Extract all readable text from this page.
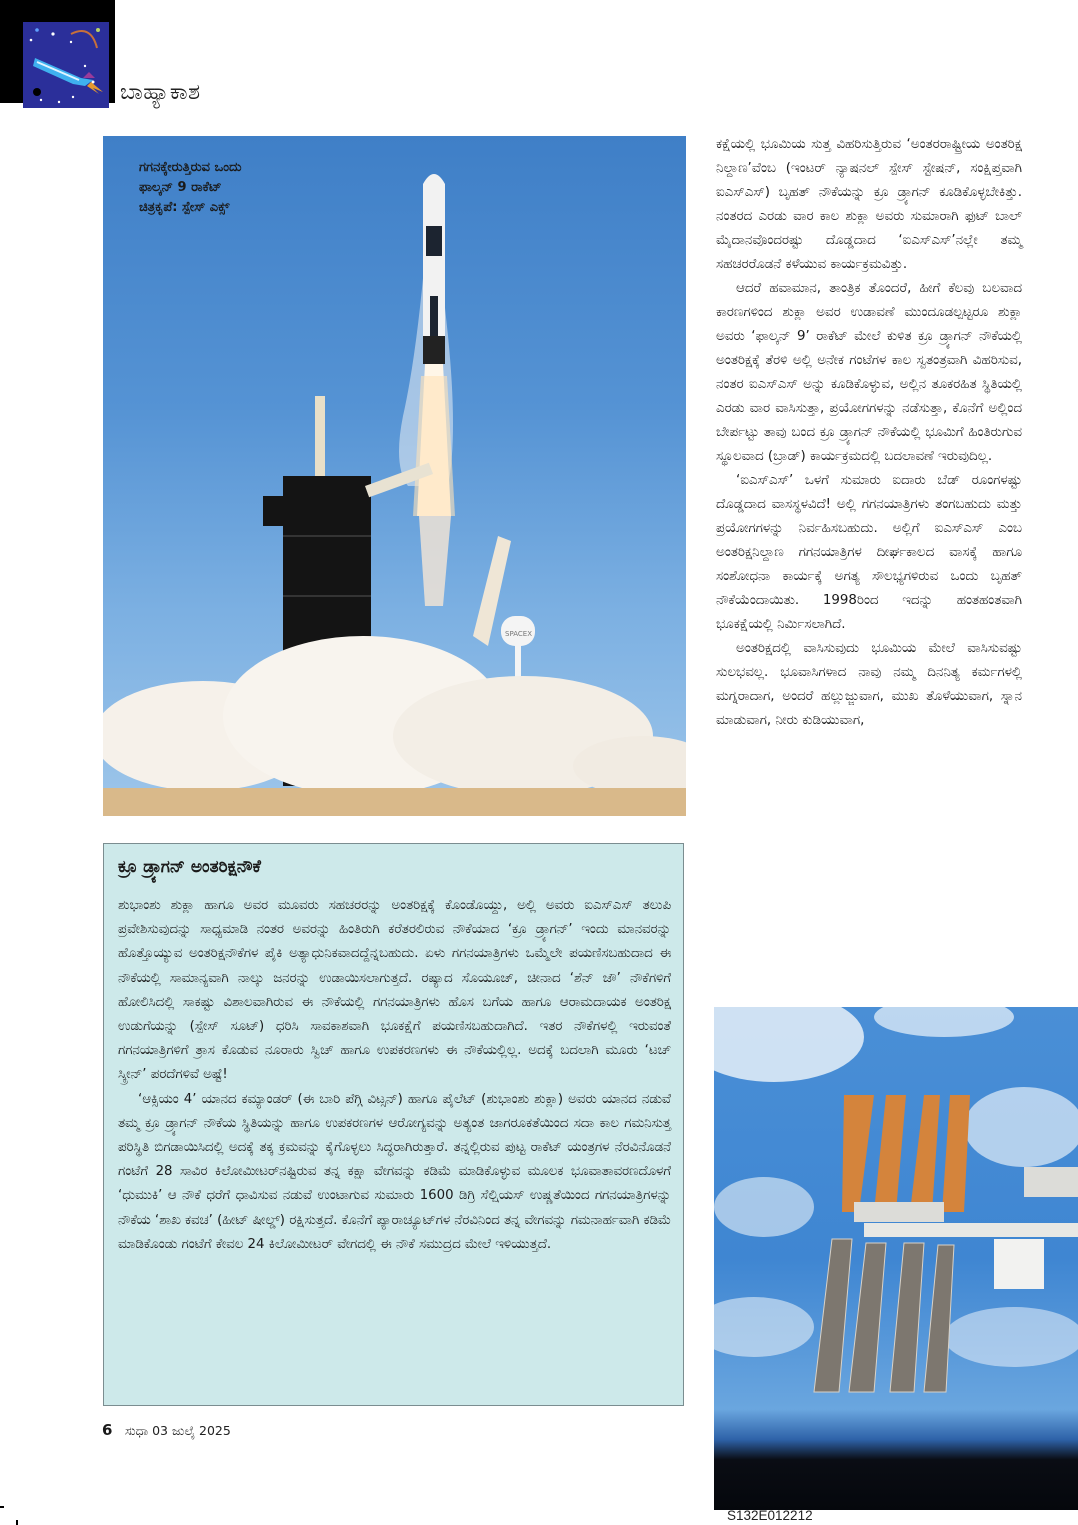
ಬಾಹ್ಯಾಕಾಶ
SPACEX
ಗಗನಕ್ಕೇರುತ್ತಿರುವ ಒಂದು
ಫಾಲ್ಕನ್ 9 ರಾಕೆಟ್
ಚಿತ್ರಕೃಪೆ: ಸ್ಪೇಸ್ ಎಕ್ಸ್

ಕಕ್ಷೆಯಲ್ಲಿ ಭೂಮಿಯ ಸುತ್ತ ವಿಹರಿಸುತ್ತಿರುವ ‘ಅಂತರರಾಷ್ಟ್ರೀಯ ಅಂತರಿಕ್ಷ ನಿಲ್ದಾಣ’ವೆಂಬ (ಇಂಟರ್ ನ್ಯಾಷನಲ್ ಸ್ಪೇಸ್ ಸ್ಟೇಷನ್, ಸಂಕ್ಷಿಪ್ತವಾಗಿ ಐಎಸ್‌ಎಸ್) ಬೃಹತ್ ನೌಕೆಯನ್ನು ಕ್ರೂ ಡ್ರ್ಯಾಗನ್ ಕೂಡಿಕೊಳ್ಳಬೇಕಿತ್ತು. ನಂತರದ ಎರಡು ವಾರ ಕಾಲ ಶುಕ್ಲಾ ಅವರು ಸುಮಾರಾಗಿ ಫುಟ್ ಬಾಲ್ ಮೈದಾನವೊಂದರಷ್ಟು ದೊಡ್ಡದಾದ ‘ಐಎಸ್‌ಎಸ್’ನಲ್ಲೇ ತಮ್ಮ ಸಹಚರರೊಡನೆ ಕಳೆಯುವ ಕಾರ್ಯಕ್ರಮವಿತ್ತು.

ಆದರೆ ಹವಾಮಾನ, ತಾಂತ್ರಿಕ ತೊಂದರೆ, ಹೀಗೆ ಕೆಲವು ಬಲವಾದ ಕಾರಣಗಳಿಂದ ಶುಕ್ಲಾ ಅವರ ಉಡಾವಣೆ ಮುಂದೂಡಲ್ಪಟ್ಟರೂ ಶುಕ್ಲಾ ಅವರು ‘ಫಾಲ್ಕನ್ 9’ ರಾಕೆಟ್ ಮೇಲೆ ಕುಳಿತ ಕ್ರೂ ಡ್ರ್ಯಾಗನ್ ನೌಕೆಯಲ್ಲಿ ಅಂತರಿಕ್ಷಕ್ಕೆ ತೆರಳಿ ಅಲ್ಲಿ ಅನೇಕ ಗಂಟೆಗಳ ಕಾಲ ಸ್ವತಂತ್ರವಾಗಿ ವಿಹರಿಸುವ, ನಂತರ ಐಎಸ್‌ಎಸ್ ಅನ್ನು ಕೂಡಿಕೊಳ್ಳುವ, ಅಲ್ಲಿನ ತೂಕರಹಿತ ಸ್ಥಿತಿಯಲ್ಲಿ ಎರಡು ವಾರ ವಾಸಿಸುತ್ತಾ, ಪ್ರಯೋಗಗಳನ್ನು ನಡೆಸುತ್ತಾ, ಕೊನೆಗೆ ಅಲ್ಲಿಂದ ಬೇರ್ಪಟ್ಟು ತಾವು ಬಂದ ಕ್ರೂ ಡ್ರ್ಯಾಗನ್ ನೌಕೆಯಲ್ಲಿ ಭೂಮಿಗೆ ಹಿಂತಿರುಗುವ ಸ್ಥೂಲವಾದ (ಬ್ರಾಡ್) ಕಾರ್ಯಕ್ರಮದಲ್ಲಿ ಬದಲಾವಣೆ ಇರುವುದಿಲ್ಲ.

‘ಐಎಸ್‌ಎಸ್’ ಒಳಗೆ ಸುಮಾರು ಐದಾರು ಬೆಡ್ ರೂಂಗಳಷ್ಟು ದೊಡ್ಡದಾದ ವಾಸಸ್ಥಳವಿದೆ! ಅಲ್ಲಿ ಗಗನಯಾತ್ರಿಗಳು ತಂಗಬಹುದು ಮತ್ತು ಪ್ರಯೋಗಗಳನ್ನು ನಿರ್ವಹಿಸಬಹುದು. ಅಲ್ಲಿಗೆ ಐಎಸ್‌ಎಸ್ ಎಂಬ ಅಂತರಿಕ್ಷನಿಲ್ದಾಣ ಗಗನಯಾತ್ರಿಗಳ ದೀರ್ಘಕಾಲದ ವಾಸಕ್ಕೆ ಹಾಗೂ ಸಂಶೋಧನಾ ಕಾರ್ಯಕ್ಕೆ ಅಗತ್ಯ ಸೌಲಭ್ಯಗಳಿರುವ ಒಂದು ಬೃಹತ್ ನೌಕೆಯೆಂದಾಯಿತು. 1998ರಿಂದ ಇದನ್ನು ಹಂತಹಂತವಾಗಿ ಭೂಕಕ್ಷೆಯಲ್ಲಿ ನಿರ್ಮಿಸಲಾಗಿದೆ.

ಅಂತರಿಕ್ಷದಲ್ಲಿ ವಾಸಿಸುವುದು ಭೂಮಿಯ ಮೇಲೆ ವಾಸಿಸುವಷ್ಟು ಸುಲಭವಲ್ಲ. ಭೂವಾಸಿಗಳಾದ ನಾವು ನಮ್ಮ ದಿನನಿತ್ಯ ಕರ್ಮಗಳಲ್ಲಿ ಮಗ್ನರಾದಾಗ, ಅಂದರೆ ಹಲ್ಲುಜ್ಜುವಾಗ, ಮುಖ ತೊಳೆಯುವಾಗ, ಸ್ನಾನ ಮಾಡುವಾಗ, ನೀರು ಕುಡಿಯುವಾಗ,

ಕ್ರೂ ಡ್ರ್ಯಾಗನ್ ಅಂತರಿಕ್ಷನೌಕೆ

ಶುಭಾಂಶು ಶುಕ್ಲಾ ಹಾಗೂ ಅವರ ಮೂವರು ಸಹಚರರನ್ನು ಅಂತರಿಕ್ಷಕ್ಕೆ ಕೊಂಡೊಯ್ದು, ಅಲ್ಲಿ ಅವರು ಐಎಸ್‌ಎಸ್ ತಲುಪಿ ಪ್ರವೇಶಿಸುವುದನ್ನು ಸಾಧ್ಯಮಾಡಿ ನಂತರ ಅವರನ್ನು ಹಿಂತಿರುಗಿ ಕರೆತರಲಿರುವ ನೌಕೆಯಾದ ‘ಕ್ರೂ ಡ್ರ್ಯಾಗನ್’ ಇಂದು ಮಾನವರನ್ನು ಹೊತ್ತೊಯ್ಯುವ ಅಂತರಿಕ್ಷನೌಕೆಗಳ ಪೈಕಿ ಅತ್ಯಾಧುನಿಕವಾದದ್ದೆನ್ನಬಹುದು. ಏಳು ಗಗನಯಾತ್ರಿಗಳು ಒಮ್ಮೆಲೇ ಪಯಣಿಸಬಹುದಾದ ಈ ನೌಕೆಯಲ್ಲಿ ಸಾಮಾನ್ಯವಾಗಿ ನಾಲ್ಕು ಜನರನ್ನು ಉಡಾಯಿಸಲಾಗುತ್ತದೆ. ರಷ್ಯಾದ ಸೊಯೂಜ್, ಚೀನಾದ ‘ಶೆನ್ ಜೌ’ ನೌಕೆಗಳಿಗೆ ಹೋಲಿಸಿದಲ್ಲಿ ಸಾಕಷ್ಟು ವಿಶಾಲವಾಗಿರುವ ಈ ನೌಕೆಯಲ್ಲಿ ಗಗನಯಾತ್ರಿಗಳು ಹೊಸ ಬಗೆಯ ಹಾಗೂ ಆರಾಮದಾಯಕ ಅಂತರಿಕ್ಷ ಉಡುಗೆಯನ್ನು (ಸ್ಪೇಸ್ ಸೂಟ್) ಧರಿಸಿ ಸಾವಕಾಶವಾಗಿ ಭೂಕಕ್ಷೆಗೆ ಪಯಣಿಸಬಹುದಾಗಿದೆ. ಇತರ ನೌಕೆಗಳಲ್ಲಿ ಇರುವಂತೆ ಗಗನಯಾತ್ರಿಗಳಿಗೆ ತ್ರಾಸ ಕೊಡುವ ನೂರಾರು ಸ್ವಿಚ್ ಹಾಗೂ ಉಪಕರಣಗಳು ಈ ನೌಕೆಯಲ್ಲಿಲ್ಲ. ಅದಕ್ಕೆ ಬದಲಾಗಿ ಮೂರು ‘ಟಚ್ ಸ್ಕ್ರೀನ್’ ಪರದೆಗಳಿವೆ ಅಷ್ಟೆ!

‘ಆಕ್ಸಿಯಂ 4’ ಯಾನದ ಕಮ್ಯಾಂಡರ್ (ಈ ಬಾರಿ ಪೆಗ್ಗಿ ವಿಟ್ಸನ್) ಹಾಗೂ ಪೈಲೆಟ್ (ಶುಭಾಂಶು ಶುಕ್ಲಾ) ಅವರು ಯಾನದ ನಡುವೆ ತಮ್ಮ ಕ್ರೂ ಡ್ರ್ಯಾಗನ್ ನೌಕೆಯ ಸ್ಥಿತಿಯನ್ನು ಹಾಗೂ ಉಪಕರಣಗಳ ಆರೋಗ್ಯವನ್ನು ಅತ್ಯಂತ ಜಾಗರೂಕತೆಯಿಂದ ಸದಾ ಕಾಲ ಗಮನಿಸುತ್ತ ಪರಿಸ್ಥಿತಿ ಬಿಗಡಾಯಿಸಿದಲ್ಲಿ ಅದಕ್ಕೆ ತಕ್ಕ ಕ್ರಮವನ್ನು ಕೈಗೊಳ್ಳಲು ಸಿದ್ಧರಾಗಿರುತ್ತಾರೆ. ತನ್ನಲ್ಲಿರುವ ಪುಟ್ಟ ರಾಕೆಟ್ ಯಂತ್ರಗಳ ನೆರವಿನೊಡನೆ ಗಂಟೆಗೆ 28 ಸಾವಿರ ಕಿಲೋಮೀಟರ್‌ನಷ್ಟಿರುವ ತನ್ನ ಕಕ್ಷಾ ವೇಗವನ್ನು ಕಡಿಮೆ ಮಾಡಿಕೊಳ್ಳುವ ಮೂಲಕ ಭೂವಾತಾವರಣದೊಳಗೆ ‘ಧುಮುಕಿ’ ಆ ನೌಕೆ ಧರೆಗೆ ಧಾವಿಸುವ ನಡುವೆ ಉಂಟಾಗುವ ಸುಮಾರು 1600 ಡಿಗ್ರಿ ಸೆಲ್ಷಿಯಸ್ ಉಷ್ಣತೆಯಿಂದ ಗಗನಯಾತ್ರಿಗಳನ್ನು ನೌಕೆಯ ‘ಶಾಖ ಕವಚ’ (ಹೀಟ್ ಷೀಲ್ಡ್) ರಕ್ಷಿಸುತ್ತದೆ. ಕೊನೆಗೆ ಪ್ಯಾರಾಚ್ಯೂಟ್‌ಗಳ ನೆರವಿನಿಂದ ತನ್ನ ವೇಗವನ್ನು ಗಮನಾರ್ಹವಾಗಿ ಕಡಿಮೆ ಮಾಡಿಕೊಂಡು ಗಂಟೆಗೆ ಕೇವಲ 24 ಕಿಲೋಮೀಟರ್ ವೇಗದಲ್ಲಿ ಈ ನೌಕೆ ಸಮುದ್ರದ ಮೇಲೆ ಇಳಿಯುತ್ತದೆ.

6 ಸುಧಾ 03 ಜುಲೈ 2025
S132E012212
